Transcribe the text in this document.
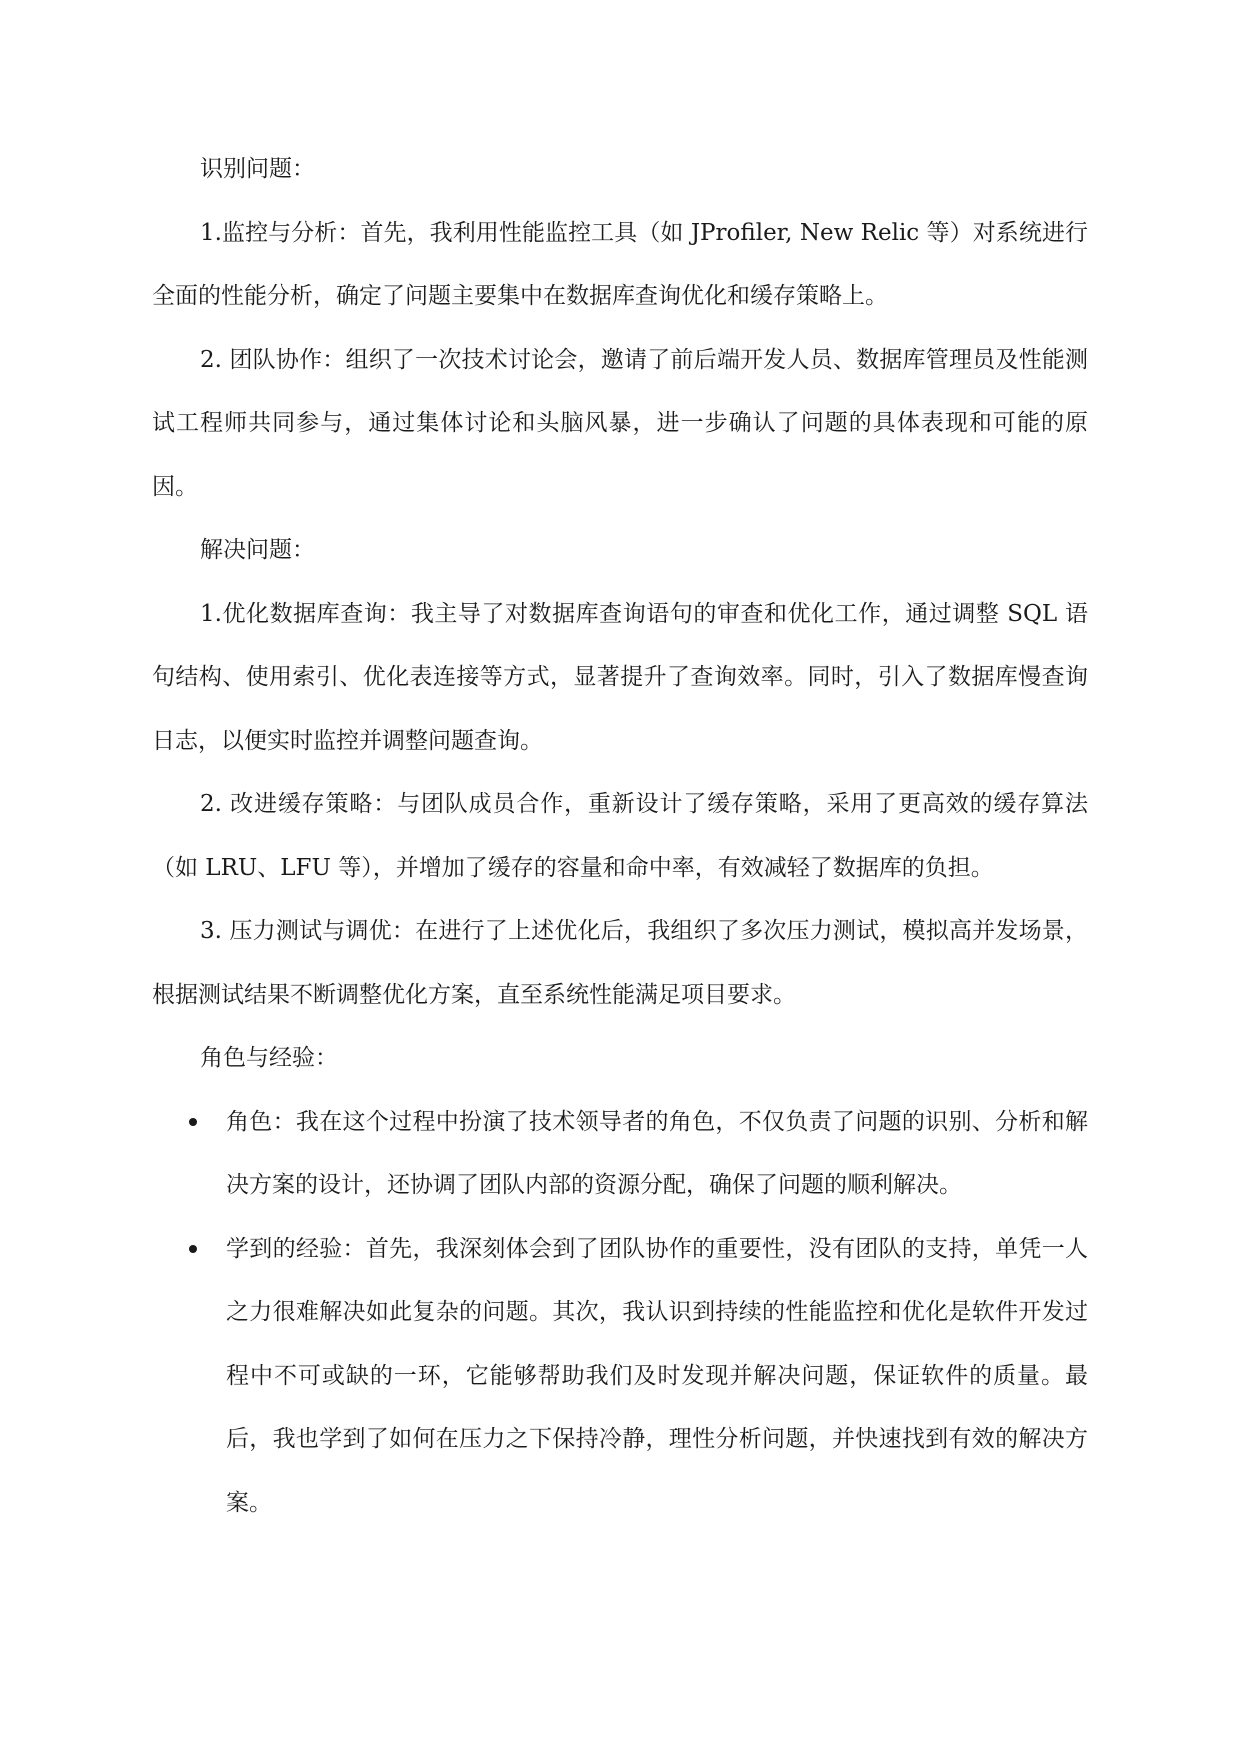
识别问题：

1.监控与分析：首先，我利用性能监控工具（如 JProfiler, New Relic 等）对系统进行全面的性能分析，确定了问题主要集中在数据库查询优化和缓存策略上。

2. 团队协作：组织了一次技术讨论会，邀请了前后端开发人员、数据库管理员及性能测试工程师共同参与，通过集体讨论和头脑风暴，进一步确认了问题的具体表现和可能的原因。

解决问题：

1.优化数据库查询：我主导了对数据库查询语句的审查和优化工作，通过调整 SQL 语句结构、使用索引、优化表连接等方式，显著提升了查询效率。同时，引入了数据库慢查询日志，以便实时监控并调整问题查询。

2. 改进缓存策略：与团队成员合作，重新设计了缓存策略，采用了更高效的缓存算法（如 LRU、LFU 等），并增加了缓存的容量和命中率，有效减轻了数据库的负担。

3. 压力测试与调优：在进行了上述优化后，我组织了多次压力测试，模拟高并发场景，根据测试结果不断调整优化方案，直至系统性能满足项目要求。

角色与经验：

角色：我在这个过程中扮演了技术领导者的角色，不仅负责了问题的识别、分析和解决方案的设计，还协调了团队内部的资源分配，确保了问题的顺利解决。
学到的经验：首先，我深刻体会到了团队协作的重要性，没有团队的支持，单凭一人之力很难解决如此复杂的问题。其次，我认识到持续的性能监控和优化是软件开发过程中不可或缺的一环，它能够帮助我们及时发现并解决问题，保证软件的质量。最后，我也学到了如何在压力之下保持冷静，理性分析问题，并快速找到有效的解决方案。
